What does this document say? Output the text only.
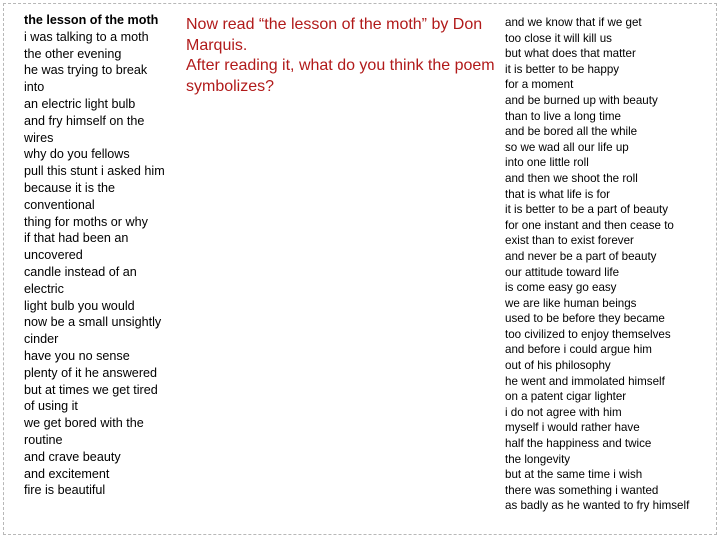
the lesson of the moth
i was talking to a moth
the other evening
he was trying to break
into
an electric light bulb
and fry himself on the
wires
why do you fellows
pull this stunt i asked him
because it is the
conventional
thing for moths or why
if that had been an
uncovered
candle instead of an
electric
light bulb you would
now be a small unsightly
cinder
have you no sense
plenty of it he answered
but at times we get tired
of using it
we get bored with the
routine
and crave beauty
and excitement
fire is beautiful
Now read “the lesson of the moth” by Don
Marquis.
After reading it, what do you think the poem
symbolizes?
and we know that if we get
too close it will kill us
but what does that matter
it is better to be happy
for a moment
and be burned up with beauty
than to live a long time
and be bored all the while
so we wad all our life up
into one little roll
and then we shoot the roll
that is what life is for
it is better to be a part of beauty
for one instant and then cease to
exist than to exist forever
and never be a part of beauty
our attitude toward life
is come easy go easy
we are like human beings
used to be before they became
too civilized to enjoy themselves
and before i could argue him
out of his philosophy
he went and immolated himself
on a patent cigar lighter
i do not agree with him
myself i would rather have
half the happiness and twice
the longevity
but at the same time i wish
there was something i wanted
as badly as he wanted to fry himself
